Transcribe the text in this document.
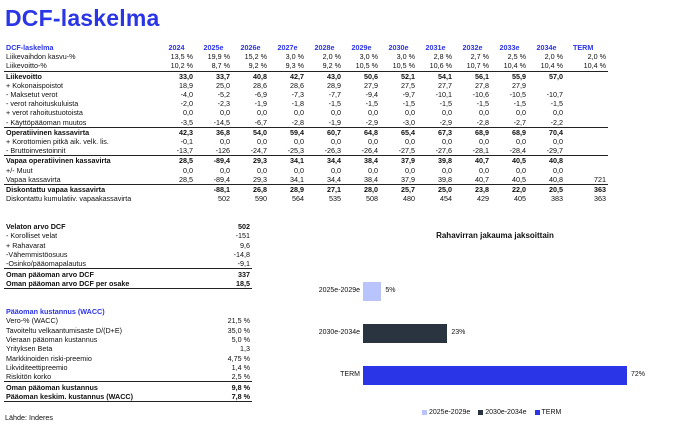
DCF-laskelma
DCF-laskelma	2024	2025e	2026e	2027e	2028e	2029e	2030e	2031e	2032e	2033e	2034e	TERM
Liikevaihdon kasvu-%	13,5 %	19,9 %	15,2 %	3,0 %	2,0 %	3,0 %	3,0 %	2,8 %	2,7 %	2,5 %	2,0 %	2,0 %
Liikevoitto-%	10,2 %	8,7 %	9,2 %	9,3 %	9,2 %	10,5 %	10,5 %	10,6 %	10,7 %	10,4 %	10,4 %	10,4 %
Liikevoitto	33,0	33,7	40,8	42,7	43,0	50,6	52,1	54,1	56,1	55,9	57,0	
+ Kokonaispoistot	18,9	25,0	28,6	28,6	28,9	27,9	27,5	27,7	27,8	27,9		
- Maksetut verot	-4,0	-5,2	-6,9	-7,3	-7,7	-9,4	-9,7	-10,1	-10,6	-10,5	-10,7	
- verot rahoituskuluista	-2,0	-2,3	-1,9	-1,8	-1,5	-1,5	-1,5	-1,5	-1,5	-1,5	-1,5	
+ verot rahoitustuotoista	0,0	0,0	0,0	0,0	0,0	0,0	0,0	0,0	0,0	0,0	0,0	
- Käyttöpääoman muutos	-3,5	-14,5	-6,7	-2,8	-1,9	-2,9	-3,0	-2,9	-2,8	-2,7	-2,2	
Operatiivinen kassavirta	42,3	36,8	54,0	59,4	60,7	64,8	65,4	67,3	68,9	68,9	70,4	
+ Korottomien pitkä aik. velk. lis.	-0,1	0,0	0,0	0,0	0,0	0,0	0,0	0,0	0,0	0,0	0,0	
- Bruttoinvestoinnit	-13,7	-126	-24,7	-25,3	-26,3	-26,4	-27,5	-27,6	-28,1	-28,4	-29,7	
Vapaa operatiivinen kassavirta	28,5	-89,4	29,3	34,1	34,4	38,4	37,9	39,8	40,7	40,5	40,8	
+/- Muut	0,0	0,0	0,0	0,0	0,0	0,0	0,0	0,0	0,0	0,0	0,0	
Vapaa kassavirta	28,5	-89,4	29,3	34,1	34,4	38,4	37,9	39,8	40,7	40,5	40,8	721
Diskontattu vapaa kassavirta		-88,1	26,8	28,9	27,1	28,0	25,7	25,0	23,8	22,0	20,5	363
Diskontattu kumulatiiv. vapaakassavirta		502	590	564	535	508	480	454	429	405	383	363
Velaton arvo DCF	502
- Korolliset velat	-151
+ Rahavarat	9,6
-Vähemmistöosuus	-14,8
-Osinko/pääomapalautus	-9,1
Oman pääoman arvo DCF	337
Oman pääoman arvo DCF per osake	18,5
Pääoman kustannus (WACC)	
Vero-% (WACC)	21,5 %
Tavoiteltu velkaantumisaste D/(D+E)	35,0 %
Vieraan pääoman kustannus	5,0 %
Yrityksen Beta	1,3
Markkinoiden riski-preemio	4,75 %
Likviditeettipreemio	1,4 %
Riskitön korko	2,5 %
Oman pääoman kustannus	9,8 %
Pääoman keskim. kustannus (WACC)	7,8 %
Rahavirran jakauma jaksoittain
2025e-2029e 2030e-2034e TERM
2025e-2029e	5%
2030e-2034e	23%
TERM	72%
Lähde: Inderes
